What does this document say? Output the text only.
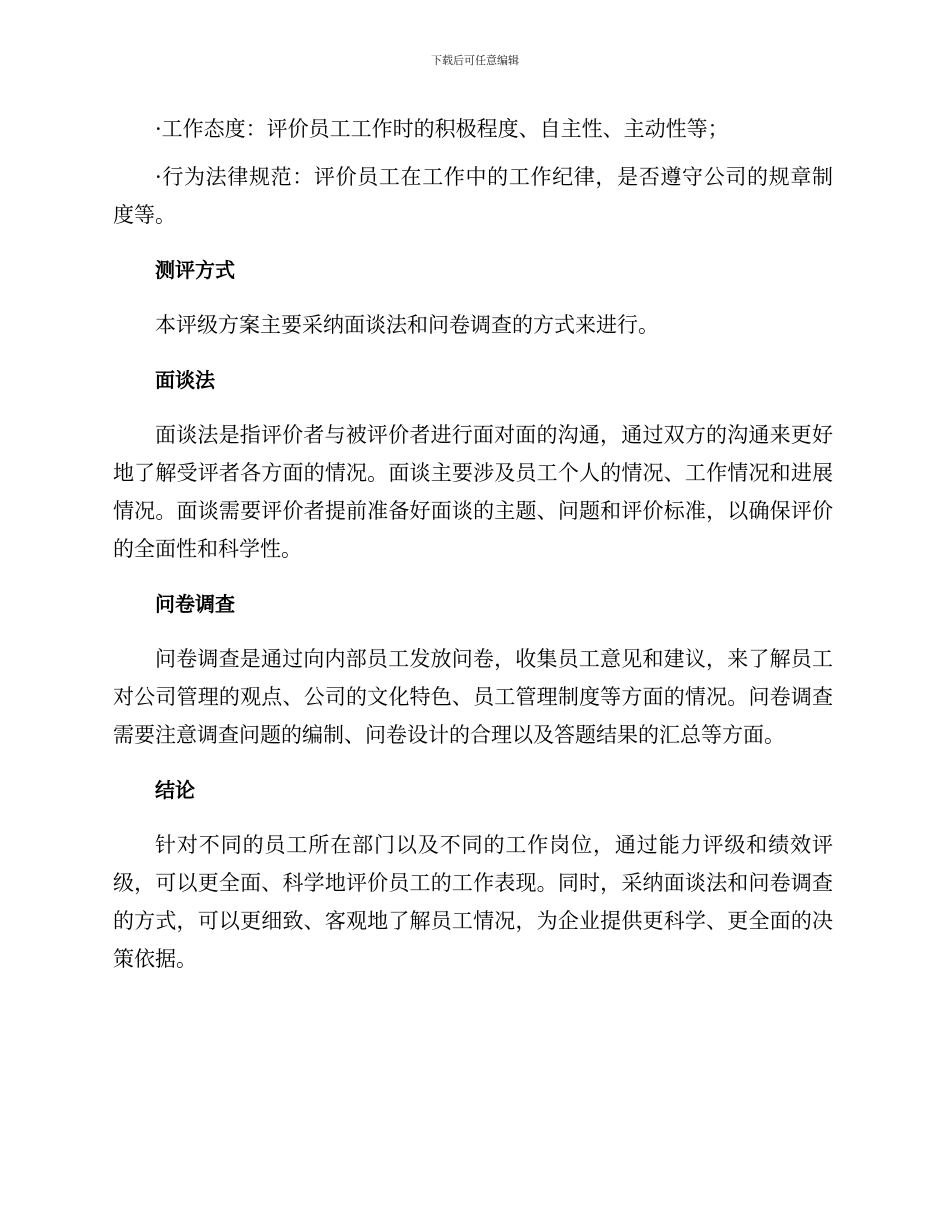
下载后可任意编辑

·工作态度：评价员工工作时的积极程度、自主性、主动性等；

·行为法律规范：评价员工在工作中的工作纪律，是否遵守公司的规章制度等。

测评方式

本评级方案主要采纳面谈法和问卷调查的方式来进行。

面谈法

面谈法是指评价者与被评价者进行面对面的沟通，通过双方的沟通来更好地了解受评者各方面的情况。面谈主要涉及员工个人的情况、工作情况和进展情况。面谈需要评价者提前准备好面谈的主题、问题和评价标准，以确保评价的全面性和科学性。

问卷调查

问卷调查是通过向内部员工发放问卷，收集员工意见和建议，来了解员工对公司管理的观点、公司的文化特色、员工管理制度等方面的情况。问卷调查需要注意调查问题的编制、问卷设计的合理以及答题结果的汇总等方面。

结论

针对不同的员工所在部门以及不同的工作岗位，通过能力评级和绩效评级，可以更全面、科学地评价员工的工作表现。同时，采纳面谈法和问卷调查的方式，可以更细致、客观地了解员工情况，为企业提供更科学、更全面的决策依据。
